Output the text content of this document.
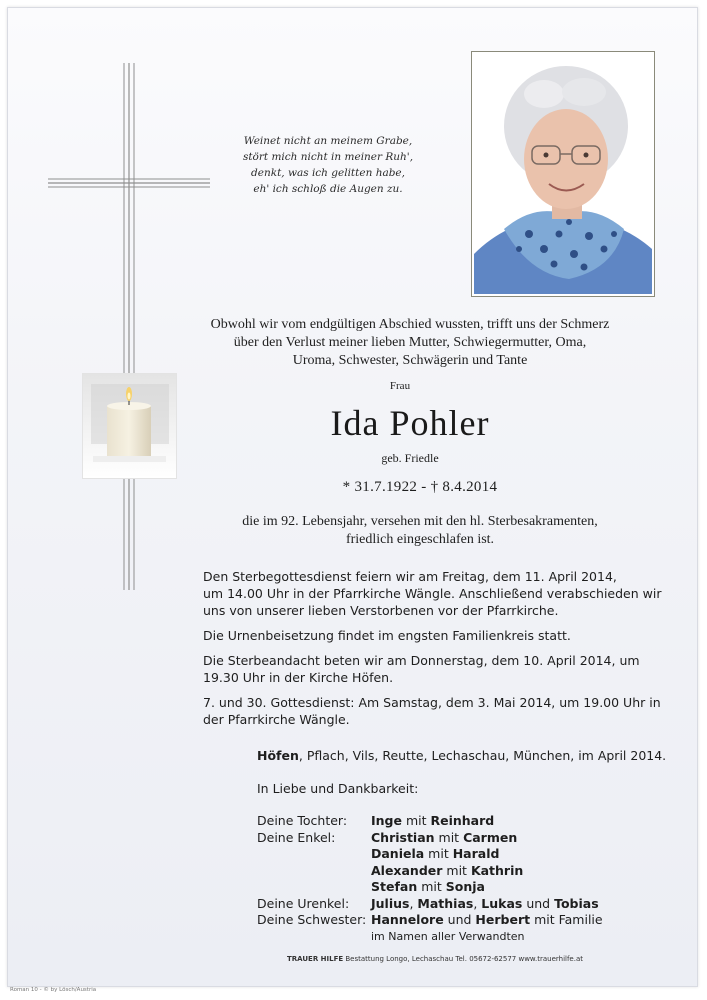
Weinet nicht an meinem Grabe,
stört mich nicht in meiner Ruh',
denkt, was ich gelitten habe,
eh' ich schloß die Augen zu.
Obwohl wir vom endgültigen Abschied wussten, trifft uns der Schmerz
über den Verlust meiner lieben Mutter, Schwiegermutter, Oma,
Uroma, Schwester, Schwägerin und Tante
Frau
Ida Pohler
geb. Friedle
* 31.7.1922 - † 8.4.2014
die im 92. Lebensjahr, versehen mit den hl. Sterbesakramenten,
friedlich eingeschlafen ist.

Den Sterbegottesdienst feiern wir am Freitag, dem 11. April 2014,
um 14.00 Uhr in der Pfarrkirche Wängle. Anschließend verabschieden wir
uns von unserer lieben Verstorbenen vor der Pfarrkirche.

Die Urnenbeisetzung findet im engsten Familienkreis statt.

Die Sterbeandacht beten wir am Donnerstag, dem 10. April 2014, um
19.30 Uhr in der Kirche Höfen.

7. und 30. Gottesdienst: Am Samstag, dem 3. Mai 2014, um 19.00 Uhr in
der Pfarrkirche Wängle.

Höfen, Pflach, Vils, Reutte, Lechaschau, München, im April 2014.
In Liebe und Dankbarkeit:
Deine Tochter: Inge mit Reinhard
Deine Enkel:	Christian mit Carmen
Daniela mit Harald
Alexander mit Kathrin
Stefan mit Sonja
Deine Urenkel: Julius, Mathias, Lukas und Tobias
Deine Schwester: Hannelore und Herbert mit Familie
im Namen aller Verwandten
TRAUER HILFE Bestattung Longo, Lechaschau Tel. 05672-62577 www.trauerhilfe.at
Roman 10 - © by Lösch/Austria
